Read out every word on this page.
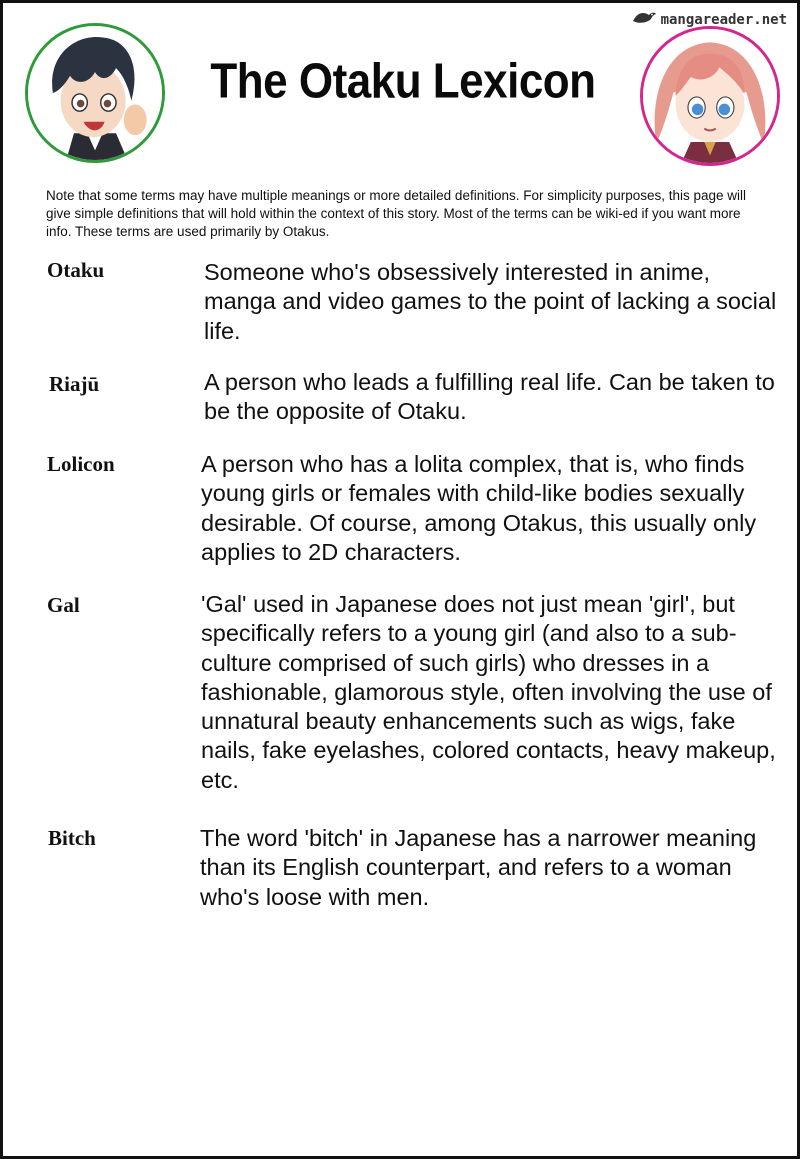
mangareader.net
The Otaku Lexicon
Note that some terms may have multiple meanings or more detailed definitions. For simplicity purposes, this page will give simple definitions that will hold within the context of this story. Most of the terms can be wiki-ed if you want more info. These terms are used primarily by Otakus.
Otaku	Someone who's obsessively interested in anime, manga and video games to the point of lacking a social life.
Riajū	A person who leads a fulfilling real life. Can be taken to be the opposite of Otaku.
Lolicon	A person who has a lolita complex, that is, who finds young girls or females with child-like bodies sexually desirable. Of course, among Otakus, this usually only applies to 2D characters.
Gal	'Gal' used in Japanese does not just mean 'girl', but specifically refers to a young girl (and also to a sub-culture comprised of such girls) who dresses in a fashionable, glamorous style, often involving the use of unnatural beauty enhancements such as wigs, fake nails, fake eyelashes, colored contacts, heavy makeup, etc.
Bitch	The word 'bitch' in Japanese has a narrower meaning than its English counterpart, and refers to a woman who's loose with men.
